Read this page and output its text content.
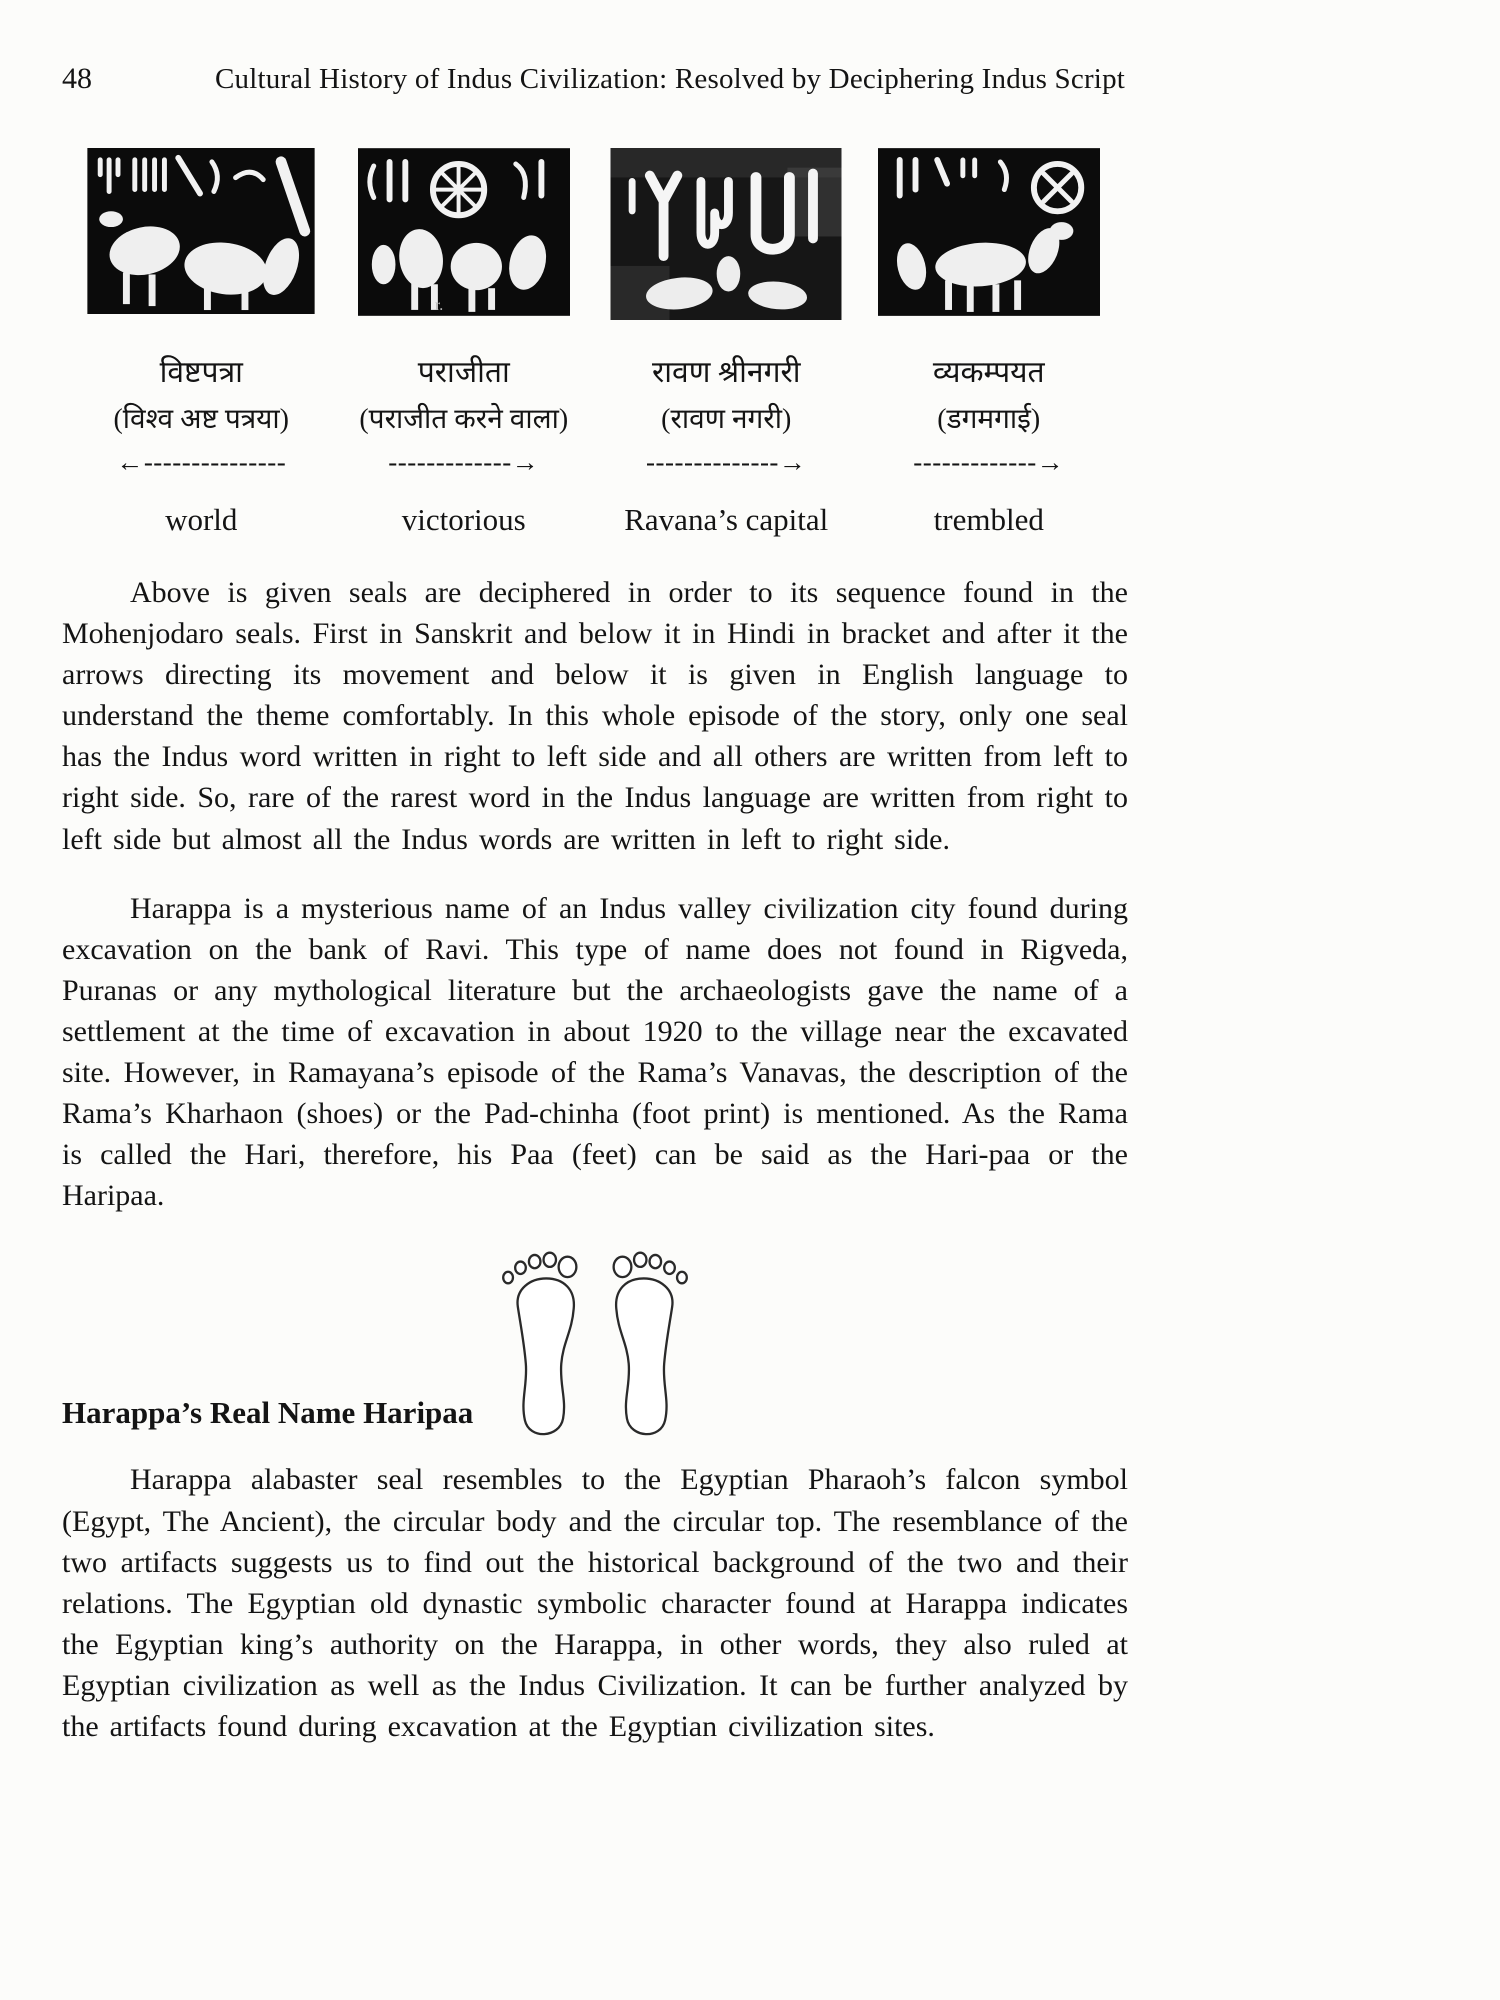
48	Cultural History of Indus Civilization: Resolved by Deciphering Indus Script
विष्टपत्रा
(विश्व अष्ट पत्रया)
←---------------
world
r.
पराजीता
(पराजीत करने वाला)
-------------→
victorious
रावण श्रीनगरी
(रावण नगरी)
--------------→
Ravana’s capital
व्यकम्पयत
(डगमगाई)
-------------→
trembled

Above is given seals are deciphered in order to its sequence found in the Mohenjodaro seals. First in Sanskrit and below it in Hindi in bracket and after it the arrows directing its movement and below it is given in English language to understand the theme comfortably. In this whole episode of the story, only one seal has the Indus word written in right to left side and all others are written from left to right side. So, rare of the rarest word in the Indus language are written from right to left side but almost all the Indus words are written in left to right side.

Harappa is a mysterious name of an Indus valley civilization city found during excavation on the bank of Ravi. This type of name does not found in Rigveda, Puranas or any mythological literature but the archaeologists gave the name of a settlement at the time of excavation in about 1920 to the village near the excavated site. However, in Ramayana’s episode of the Rama’s Vanavas, the description of the Rama’s Kharhaon (shoes) or the Pad-chinha (foot print) is mentioned. As the Rama is called the Hari, therefore, his Paa (feet) can be said as the Hari-paa or the Haripaa.

Harappa’s Real Name Haripaa

Harappa alabaster seal resembles to the Egyptian Pharaoh’s falcon symbol (Egypt, The Ancient), the circular body and the circular top. The resemblance of the two artifacts suggests us to find out the historical background of the two and their relations. The Egyptian old dynastic symbolic character found at Harappa indicates the Egyptian king’s authority on the Harappa, in other words, they also ruled at Egyptian civilization as well as the Indus Civilization. It can be further analyzed by the artifacts found during excavation at the Egyptian civilization sites.
